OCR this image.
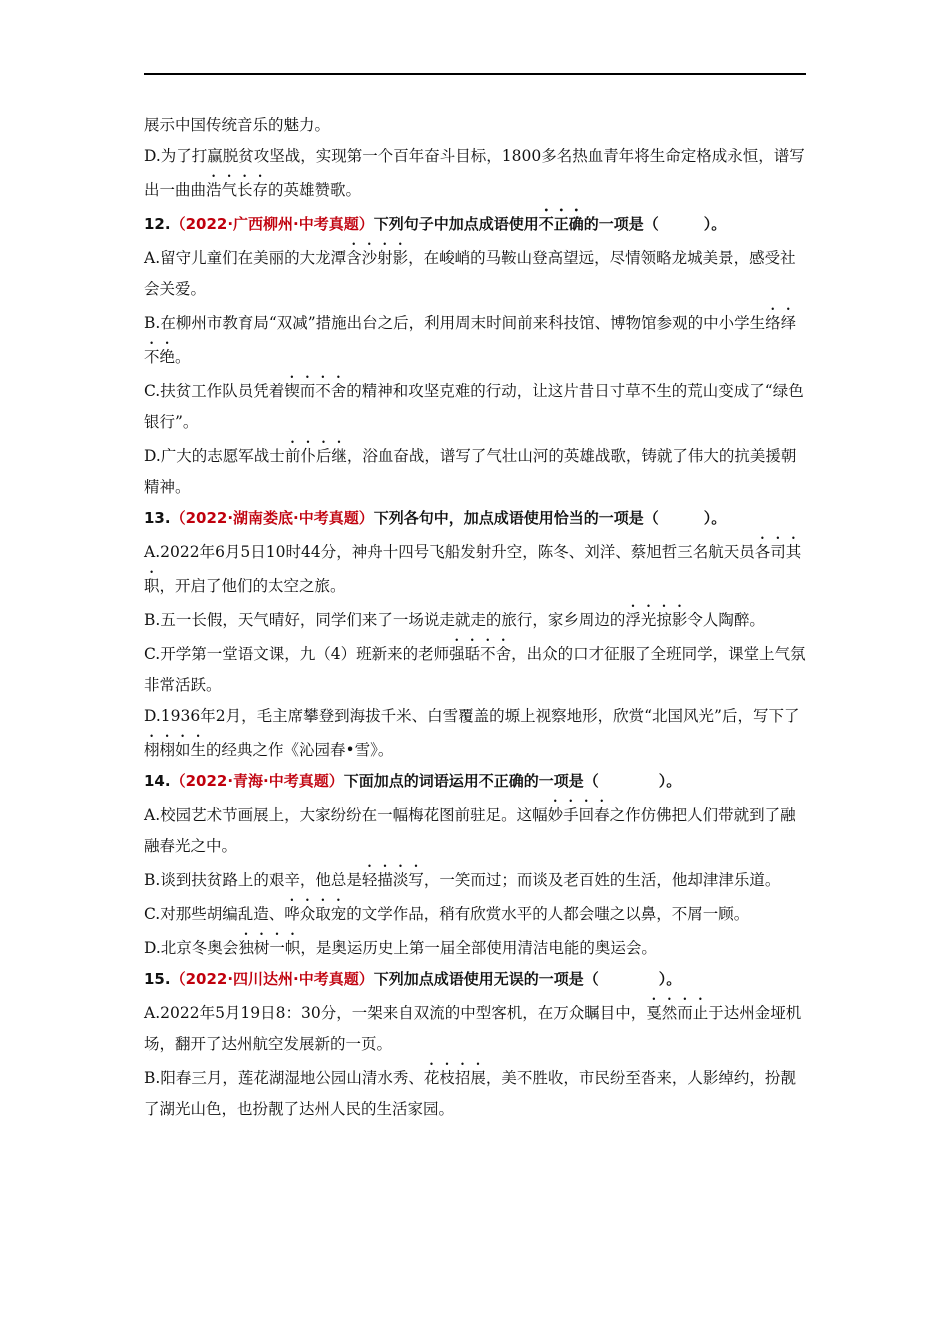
展示中国传统音乐的魅力。

D.为了打赢脱贫攻坚战，实现第一个百年奋斗目标，1800多名热血青年将生命定格成永恒，谱写出一曲曲浩气长存的英雄赞歌。

12.（2022·广西柳州·中考真题）下列句子中加点成语使用不正确的一项是（　　　）。

A.留守儿童们在美丽的大龙潭含沙射影，在峻峭的马鞍山登高望远，尽情领略龙城美景，感受社会关爱。

B.在柳州市教育局“双减”措施出台之后，利用周末时间前来科技馆、博物馆参观的中小学生络绎不绝。

C.扶贫工作队员凭着锲而不舍的精神和攻坚克难的行动，让这片昔日寸草不生的荒山变成了“绿色银行”。

D.广大的志愿军战士前仆后继，浴血奋战，谱写了气壮山河的英雄战歌，铸就了伟大的抗美援朝精神。

13.（2022·湖南娄底·中考真题）下列各句中，加点成语使用恰当的一项是（　　　）。

A.2022年6月5日10时44分，神舟十四号飞船发射升空，陈冬、刘洋、蔡旭哲三名航天员各司其职，开启了他们的太空之旅。

B.五一长假，天气晴好，同学们来了一场说走就走的旅行，家乡周边的浮光掠影令人陶醉。

C.开学第一堂语文课，九（4）班新来的老师强聒不舍，出众的口才征服了全班同学，课堂上气氛非常活跃。

D.1936年2月，毛主席攀登到海拔千米、白雪覆盖的塬上视察地形，欣赏“北国风光”后，写下了栩栩如生的经典之作《沁园春•雪》。

14.（2022·青海·中考真题）下面加点的词语运用不正确的一项是（　　　　）。

A.校园艺术节画展上，大家纷纷在一幅梅花图前驻足。这幅妙手回春之作仿佛把人们带就到了融融春光之中。

B.谈到扶贫路上的艰辛，他总是轻描淡写，一笑而过；而谈及老百姓的生活，他却津津乐道。

C.对那些胡编乱造、哗众取宠的文学作品，稍有欣赏水平的人都会嗤之以鼻，不屑一顾。

D.北京冬奥会独树一帜，是奥运历史上第一届全部使用清洁电能的奥运会。

15.（2022·四川达州·中考真题）下列加点成语使用无误的一项是（　　　　）。

A.2022年5月19日8：30分，一架来自双流的中型客机，在万众瞩目中，戛然而止于达州金垭机场，翻开了达州航空发展新的一页。

B.阳春三月，莲花湖湿地公园山清水秀、花枝招展，美不胜收，市民纷至沓来，人影绰约，扮靓了湖光山色，也扮靓了达州人民的生活家园。
